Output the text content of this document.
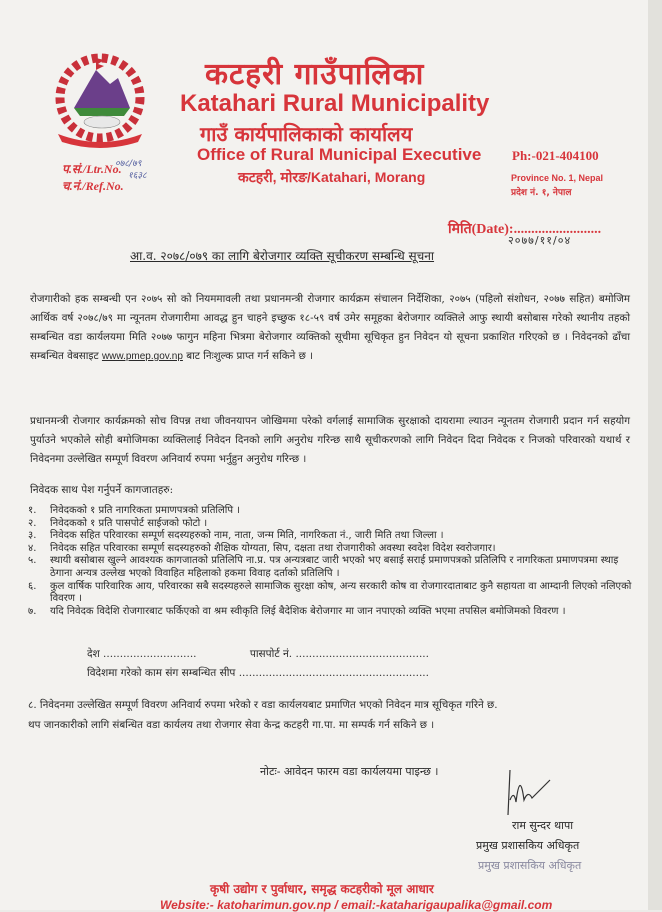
कटहरी गाउँपालिका
Katahari Rural Municipality
गाउँ कार्यपालिकाको कार्यालय
Office of Rural Municipal Executive
कटहरी, मोरङ/Katahari, Morang
Ph:-021-404100
Province No. 1, Nepal
प्रदेश नं. १, नेपाल
प.सं./Ltr.No.
०७८/७९
च.नं./Ref.No.
१६३८
मिति(Date):.........................
२०७७/११/०४
आ.व. २०७८/०७९ का लागि बेरोजगार व्यक्ति सूचीकरण सम्बन्धि सूचना
रोजगारीको हक सम्बन्धी एन २०७५ सो को नियममावली तथा प्रधानमन्त्री रोजगार कार्यक्रम संचालन निर्देशिका, २०७५ (पहिलो संशोधन, २०७७ सहित) बमोजिम आर्थिक वर्ष २०७८/७९ मा न्यूनतम रोजगारीमा आवद्ध हुन चाहने इच्छुक १८-५९ वर्ष उमेर समूहका बेरोजगार व्यक्तिले आफु स्थायी बसोबास गरेको स्थानीय तहको सम्बन्धित वडा कार्यलयमा मिति २०७७ फागुन महिना भित्रमा बेरोजगार व्यक्तिको सूचीमा सूचिकृत हुन निवेदन यो सूचना प्रकाशित गरिएको छ । निवेदनको ढाँचा सम्बन्धित वेबसाइट www.pmep.gov.np बाट निःशुल्क प्राप्त गर्न सकिने छ ।
प्रधानमन्त्री रोजगार कार्यक्रमको सोच विपन्न तथा जीवनयापन जोखिममा परेको वर्गलाई सामाजिक सुरक्षाको दायरामा ल्याउन न्यूनतम रोजगारी प्रदान गर्न सहयोग पुर्याउने भएकोले सोही बमोजिमका व्यक्तिलाई निवेदन दिनको लागि अनुरोध गरिन्छ साथै सूचीकरणको लागि निवेदन दिदा निवेदक र निजको परिवारको यथार्थ र निवेदनमा उल्लेखित सम्पूर्ण विवरण अनिवार्य रुपमा भर्नुहुन अनुरोध गरिन्छ ।
निवेदक साथ पेश गर्नुपर्ने कागजातहरु:
१.	निवेदकको १ प्रति नागरिकता प्रमाणपत्रको प्रतिलिपि ।
२.	निवेदकको १ प्रति पासपोर्ट साईजको फोटो ।
३.	निवेदक सहित परिवारका सम्पूर्ण सदस्यहरुको नाम, नाता, जन्म मिति, नागरिकता नं., जारी मिति तथा जिल्ला ।
४.	निवेदक सहित परिवारका सम्पूर्ण सदस्यहरुको शैक्षिक योग्यता, सिप, दक्षता तथा रोजगारीको अवस्था स्वदेश विदेश स्वरोजगार।
५.	स्थायी बसोबास खुल्ने आवश्यक कागजातको प्रतिलिपि ना.प्र. पत्र अन्यत्रबाट जारी भएको भए बसाई सराई प्रमाणपत्रको प्रतिलिपि र नागरिकता प्रमाणपत्रमा स्थाइ ठेगाना अन्यत्र उल्लेख भएको विवाहित महिलाको हकमा विवाह दर्ताको प्रतिलिपि ।
६.	कुल वार्षिक पारिवारिक आय, परिवारका सबै सदस्यहरुले सामाजिक सुरक्षा कोष, अन्य सरकारी कोष वा रोजगारदाताबाट कुनै सहायता वा आम्दानी लिएको नलिएको विवरण ।
७.	यदि निवेदक विदेशि रोजगारबाट फर्किएको वा श्रम स्वीकृति लिई बैदेशिक बेरोजगार मा जान नपाएको व्यक्ति भएमा तपसिल बमोजिमको विवरण ।
देश ............................	पासपोर्ट नं. ........................................
विदेशमा गरेको काम संग सम्बन्धित सीप .........................................................
८. निवेदनमा उल्लेखित सम्पूर्ण विवरण अनिवार्य रुपमा भरेको र वडा कार्यलयबाट प्रमाणित भएको निवेदन मात्र सूचिकृत गरिने छ.
थप जानकारीको लागि संबन्धित वडा कार्यलय तथा रोजगार सेवा केन्द्र कटहरी गा.पा. मा सम्पर्क गर्न सकिने छ ।
नोटः- आवेदन फारम वडा कार्यलयमा पाइन्छ ।
राम सुन्दर थापा
प्रमुख प्रशासकिय अधिकृत
प्रमुख प्रशासकिय अधिकृत
कृषी उद्योग र पुर्वाधार, समृद्ध कटहरीको मूल आधार
Website:- katoharimun.gov.np / email:-kataharigaupalika@gmail.com
